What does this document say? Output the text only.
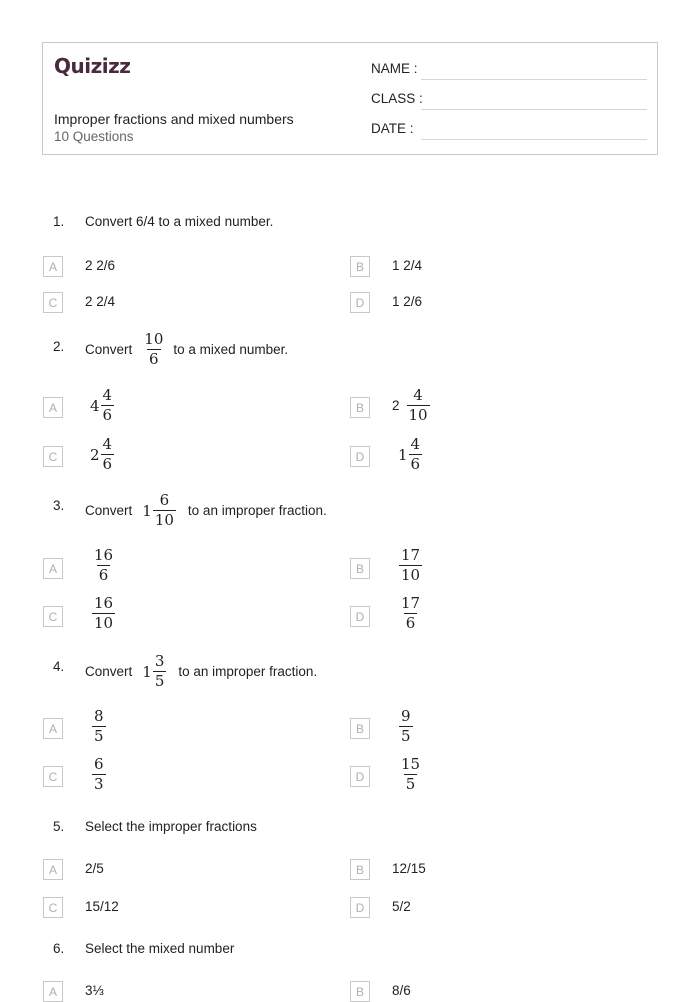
Quizizz
Improper fractions and mixed numbers
10 Questions
NAME :
CLASS :
DATE :
1. Convert 6/4 to a mixed number.
A	2 2/6	B	1 2/4
C	2 2/4	D	1 2/6
2. Convert $\frac{10}{6}$ to a mixed number.
A	$4 \frac{4}{6}$	B	$2 \frac{4}{10}$
C	$2 \frac{4}{6}$	D	$1 \frac{4}{6}$
3. Convert $1 \frac{6}{10}$ to an improper fraction.
A	$\frac{16}{6}$	B	$\frac{17}{10}$
C	$\frac{16}{10}$	D	$\frac{17}{6}$
4. Convert $1 \frac{3}{5}$ to an improper fraction.
A	$\frac{8}{5}$	B	$\frac{9}{5}$
C	$\frac{6}{3}$	D	$\frac{15}{5}$
5. Select the improper fractions
A	2/5	B	12/15
C	15/12	D	5/2
6. Select the mixed number
A	3⅓	B	8/6
